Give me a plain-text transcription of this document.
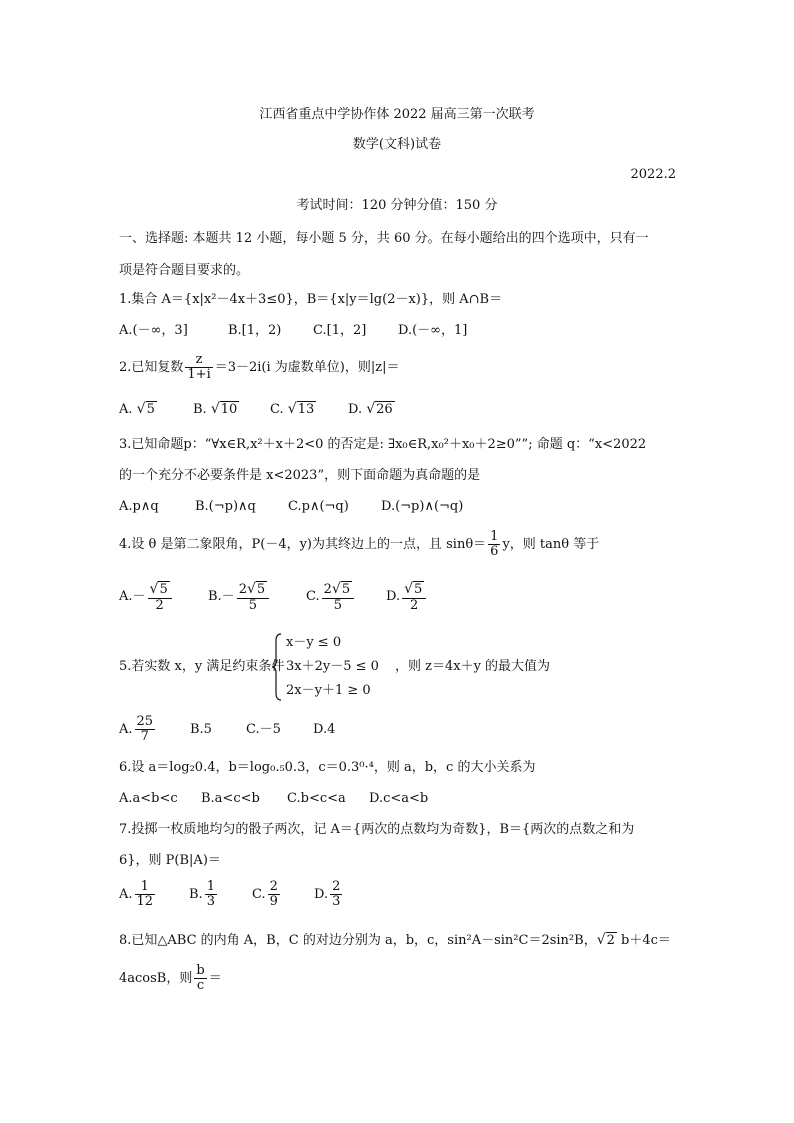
江西省重点中学协作体 2022 届高三第一次联考
数学(文科)试卷
2022.2
考试时间：120 分钟分值：150 分
一、选择题: 本题共 12 小题，每小题 5 分，共 60 分。在每小题给出的四个选项中，只有一
项是符合题目要求的。
1.集合 A＝{x|x²－4x＋3≤0}，B＝{x|y＝lg(2－x)}，则 A∩B＝
A.(－∞，3]	B.[1，2) C.[1，2] D.(－∞，1]
2.已知复数 $\frac{z}{1+i} =3-2i(i$ 为虚数单位)，则|z|＝
A. √5	B. √10	C. √13	D. √26
3.已知命题p：“∀x∈R,x²＋x＋2<0 的否定是: ∃x₀∈R,x₀²＋x₀＋2≥0””; 命题 q：“x<2022
的一个充分不必要条件是 x<2023”，则下面命题为真命题的是
A.p∧q	B.(¬p)∧q C.p∧(¬q) D.(¬p)∧(¬q)
4.设 θ 是第二象限角，P(－4，y)为其终边上的一点，且 $\sin\theta= \frac{1}{6}$ y，则 tanθ 等于
$A.- \frac{√5}{2}$	$B.- \frac{2√5}{5}$	C. $\frac{2√5}{5} D$. $\frac{√5}{2}$
5.若实数 x，y 满足约束条件
x－y ≤ 0
3x＋2y－5 ≤ 0
2x－y＋1 ≥ 0
，则 z＝4x＋y 的最大值为
A. $\frac{25}{7}$	B.5	C.－5 D.4
6.设 a＝log₂0.4，b＝log₀.₅0.3，c＝0.3⁰·⁴，则 a，b，c 的大小关系为
A.a<b<c B.a<c<b C.b<c<a D.c<a<b
7.投掷一枚质地均匀的骰子两次，记 A＝{两次的点数均为奇数}，B＝{两次的点数之和为
6}，则 P(B|A)＝
A. $\frac{1}{12}$	B. $\frac{1}{3}$	C. $\frac{2}{9}$	D. $\frac{2}{3}$
8.已知△ABC 的内角 A，B，C 的对边分别为 a，b，c，sin²A－sin²C＝2sin²B，√2 b＋4c＝
4acosB，则 $\frac{b}{c}$ ＝
